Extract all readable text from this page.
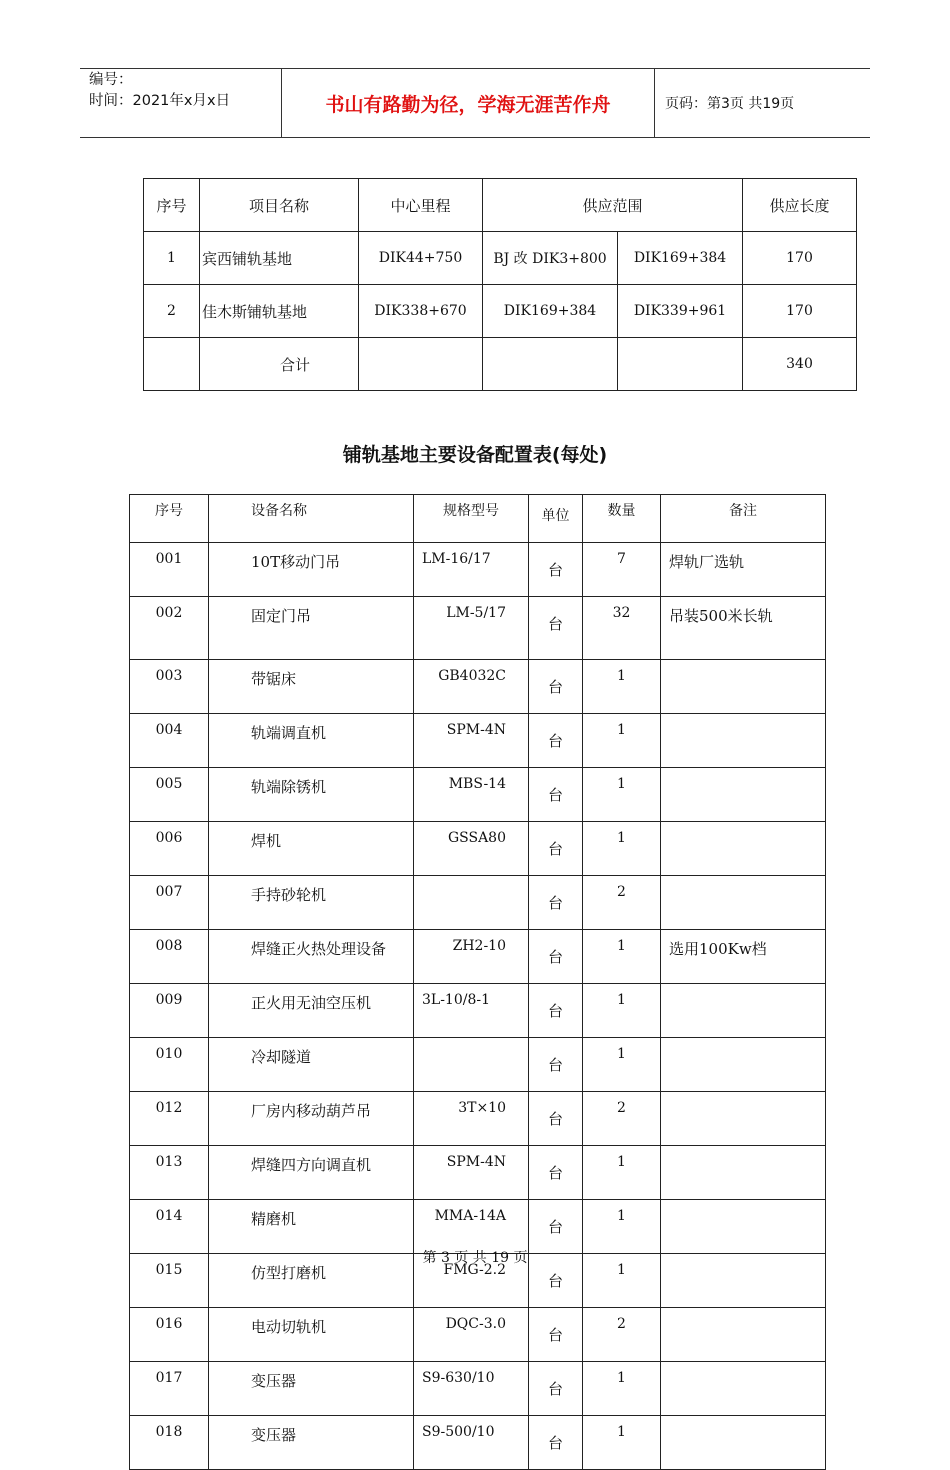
编号：
时间：2021年x月x日	书山有路勤为径，学海无涯苦作舟	页码：第3页 共19页
序号	项目名称	中心里程	供应范围		供应长度
1	宾西铺轨基地	DIK44+750	BJ 改 DIK3+800	DIK169+384	170
2	佳木斯铺轨基地	DIK338+670	DIK169+384	DIK339+961	170
	合计				340
铺轨基地主要设备配置表(每处)
序号	设备名称	规格型号	单位	数量	备注
001	10T移动门吊	LM-16/17	台	7	焊轨厂选轨
002	固定门吊	LM-5/17	台	32	吊装500米长轨
003	带锯床	GB4032C	台	1	
004	轨端调直机	SPM-4N	台	1	
005	轨端除锈机	MBS-14	台	1	
006	焊机	GSSA80	台	1	
007	手持砂轮机		台	2	
008	焊缝正火热处理设备	ZH2-10	台	1	选用100Kw档
009	正火用无油空压机	3L-10/8-1	台	1	
010	冷却隧道		台	1	
012	厂房内移动葫芦吊	3T×10	台	2	
013	焊缝四方向调直机	SPM-4N	台	1	
014	精磨机	MMA-14A	台	1	
015	仿型打磨机	FMG-2.2	台	1	
016	电动切轨机	DQC-3.0	台	2	
017	变压器	S9-630/10	台	1	
018	变压器	S9-500/10	台	1	
第 3 页 共 19 页
